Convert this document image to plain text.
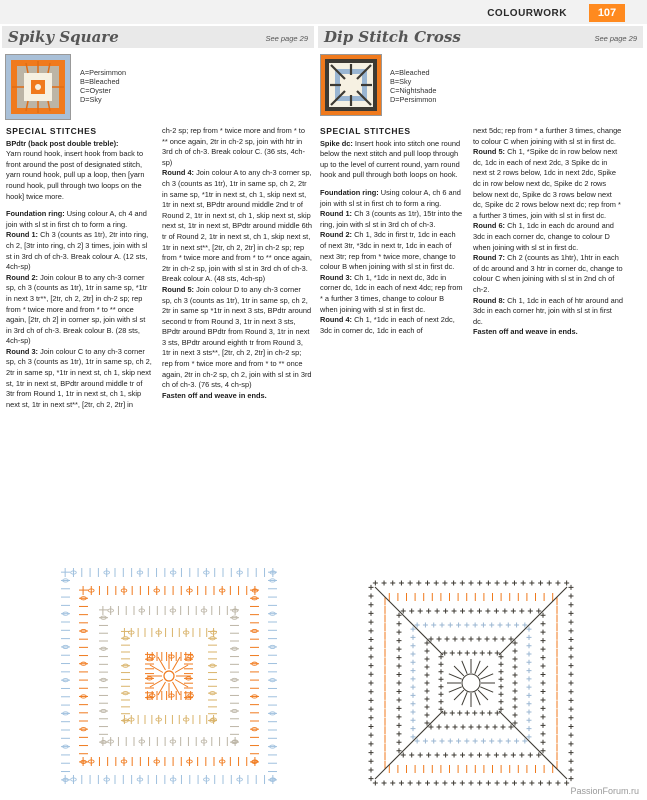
COLOURWORK	107
Spiky Square	See page 29 Dip Stitch Cross	See page 29
A=Persimmon
B=Bleached
C=Oyster
D=Sky
A=Bleached
B=Sky
C=Nightshade
D=Persimmon

SPECIAL STITCHES

BPdtr (back post double treble):
Yarn round hook, insert hook from back to front around the post of designated stitch, yarn round hook, pull up a loop, then [yarn round hook, pull through two loops on the hook] twice more.

Foundation ring: Using colour A, ch 4 and join with sl st in first ch to form a ring.

Round 1: Ch 3 (counts as 1tr), 2tr into ring, ch 2, [3tr into ring, ch 2] 3 times, join with sl st in 3rd ch of ch-3. Break colour A. (12 sts, 4ch-sp)

Round 2: Join colour B to any ch-3 corner sp, ch 3 (counts as 1tr), 1tr in same sp, *1tr in next 3 tr**, [2tr, ch 2, 2tr] in ch-2 sp; rep from * twice more and from * to ** once again, [2tr, ch 2] in corner sp, join with sl st in 3rd ch of ch-3. Break colour B. (28 sts, 4ch-sp)

Round 3: Join colour C to any ch-3 corner sp, ch 3 (counts as 1tr), 1tr in same sp, ch 2, 2tr in same sp, *1tr in next st, ch 1, skip next st, 1tr in next st, BPdtr around middle tr of 3tr from Round 1, 1tr in next st, ch 1, skip next st, 1tr in next st**, [2tr, ch 2, 2tr] in

ch-2 sp; rep from * twice more and from * to ** once again, 2tr in ch-2 sp, join with htr in 3rd ch of ch-3. Break colour C. (36 sts, 4ch-sp)

Round 4: Join colour A to any ch-3 corner sp, ch 3 (counts as 1tr), 1tr in same sp, ch 2, 2tr in same sp, *1tr in next st, ch 1, skip next st, 1tr in next st, BPdtr around middle 2nd tr of Round 2, 1tr in next st, ch 1, skip next st, skip next st, 1tr in next st, BPdtr around middle 6th tr of Round 2, 1tr in next st, ch 1, skip next st, 1tr in next st**, [2tr, ch 2, 2tr] in ch-2 sp; rep from * twice more and from * to ** once again, 2tr in ch-2 sp, join with sl st in 3rd ch of ch-3. Break colour A. (48 sts, 4ch-sp)

Round 5: Join colour D to any ch-3 corner sp, ch 3 (counts as 1tr), 1tr in same sp, ch 2, 2tr in same sp *1tr in next 3 sts, BPdtr around second tr from Round 3, 1tr in next 3 sts, BPdtr around BPdtr from Round 3, 1tr in next 3 sts, BPdtr around eighth tr from Round 3, 1tr in next 3 sts**, [2tr, ch 2, 2tr] in ch-2 sp; rep from * twice more and from * to ** once again, 2tr in ch-2 sp, ch 2, join with sl st in 3rd ch of ch-3. (76 sts, 4 ch-sp)

Fasten off and weave in ends.

SPECIAL STITCHES

Spike dc: Insert hook into stitch one round below the next stitch and pull loop through up to the level of current round, yarn round hook and pull through both loops on hook.

Foundation ring: Using colour A, ch 6 and join with sl st in first ch to form a ring.

Round 1: Ch 3 (counts as 1tr), 15tr into the ring, join with sl st in 3rd ch of ch-3.

Round 2: Ch 1, 3dc in first tr, 1dc in each of next 3tr, *3dc in next tr, 1dc in each of next 3tr; rep from * twice more, change to colour B when joining with sl st in first dc.

Round 3: Ch 1, *1dc in next dc, 3dc in corner dc, 1dc in each of next 4dc; rep from * a further 3 times, change to colour B when joining with sl st in first dc.

Round 4: Ch 1, *1dc in each of next 2dc, 3dc in corner dc, 1dc in each of

next 5dc; rep from * a further 3 times, change to colour C when joining with sl st in first dc.

Round 5: Ch 1, *Spike dc in row below next dc, 1dc in each of next 2dc, 3 Spike dc in next st 2 rows below, 1dc in next 2dc, Spike dc in row below next dc, Spike dc 2 rows below next dc, Spike dc 3 rows below next dc, Spike dc 2 rows below next dc; rep from * a further 3 times, join with sl st in first dc.

Round 6: Ch 1, 1dc in each dc around and 3dc in each corner dc, change to colour D when joining with sl st in first dc.

Round 7: Ch 2 (counts as 1htr), 1htr in each of dc around and 3 htr in corner dc, change to colour C when joining with sl st in 2nd ch of ch-2.

Round 8: Ch 1, 1dc in each of htr around and 3dc in each corner htr, join with sl st in first dc.

Fasten off and weave in ends.

PassionForum.ru
